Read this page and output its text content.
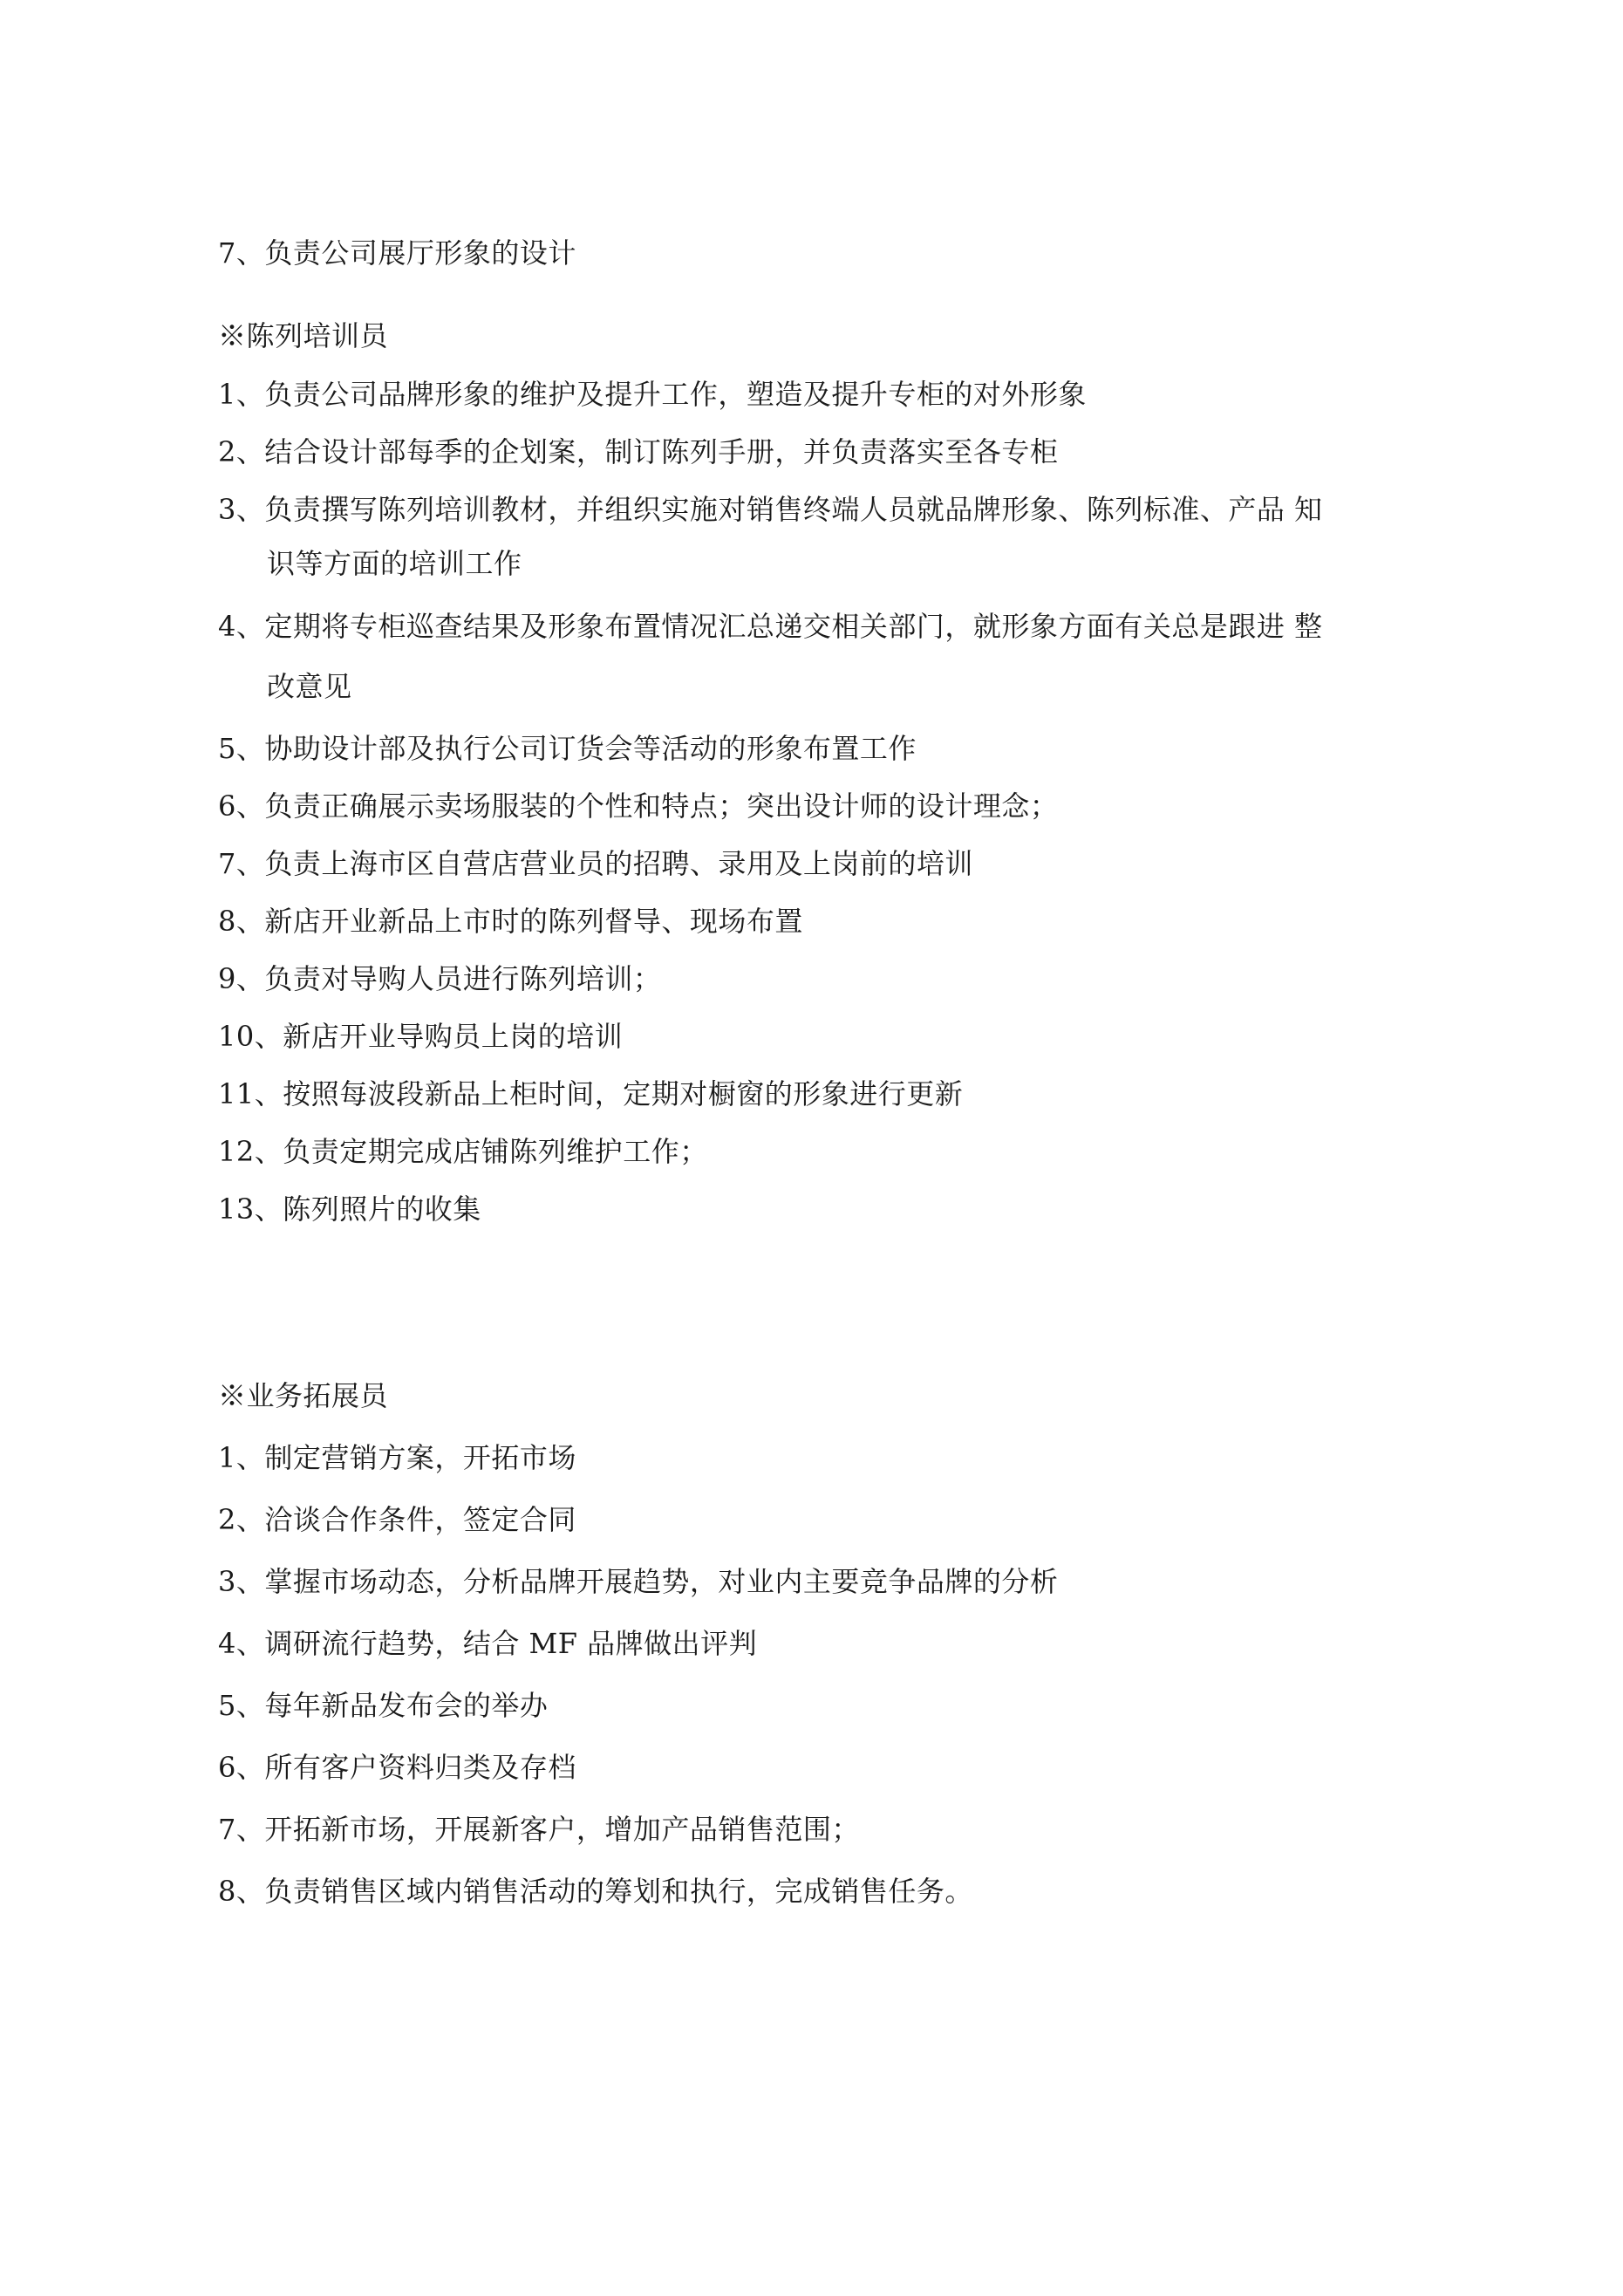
7、负责公司展厅形象的设计
※陈列培训员
1、负责公司品牌形象的维护及提升工作，塑造及提升专柜的对外形象
2、结合设计部每季的企划案，制订陈列手册，并负责落实至各专柜
3、负责撰写陈列培训教材，并组织实施对销售终端人员就品牌形象、陈列标准、产品 知
识等方面的培训工作
4、定期将专柜巡查结果及形象布置情况汇总递交相关部门，就形象方面有关总是跟进 整
改意见
5、协助设计部及执行公司订货会等活动的形象布置工作
6、负责正确展示卖场服装的个性和特点；突出设计师的设计理念；
7、负责上海市区自营店营业员的招聘、录用及上岗前的培训
8、新店开业新品上市时的陈列督导、现场布置
9、负责对导购人员进行陈列培训；
10、新店开业导购员上岗的培训
11、按照每波段新品上柜时间，定期对橱窗的形象进行更新
12、负责定期完成店铺陈列维护工作；
13、陈列照片的收集
※业务拓展员
1、制定营销方案，开拓市场
2、洽谈合作条件，签定合同
3、掌握市场动态，分析品牌开展趋势，对业内主要竞争品牌的分析
4、调研流行趋势，结合 MF 品牌做出评判
5、每年新品发布会的举办
6、所有客户资料归类及存档
7、开拓新市场，开展新客户，增加产品销售范围；
8、负责销售区域内销售活动的筹划和执行，完成销售任务。
